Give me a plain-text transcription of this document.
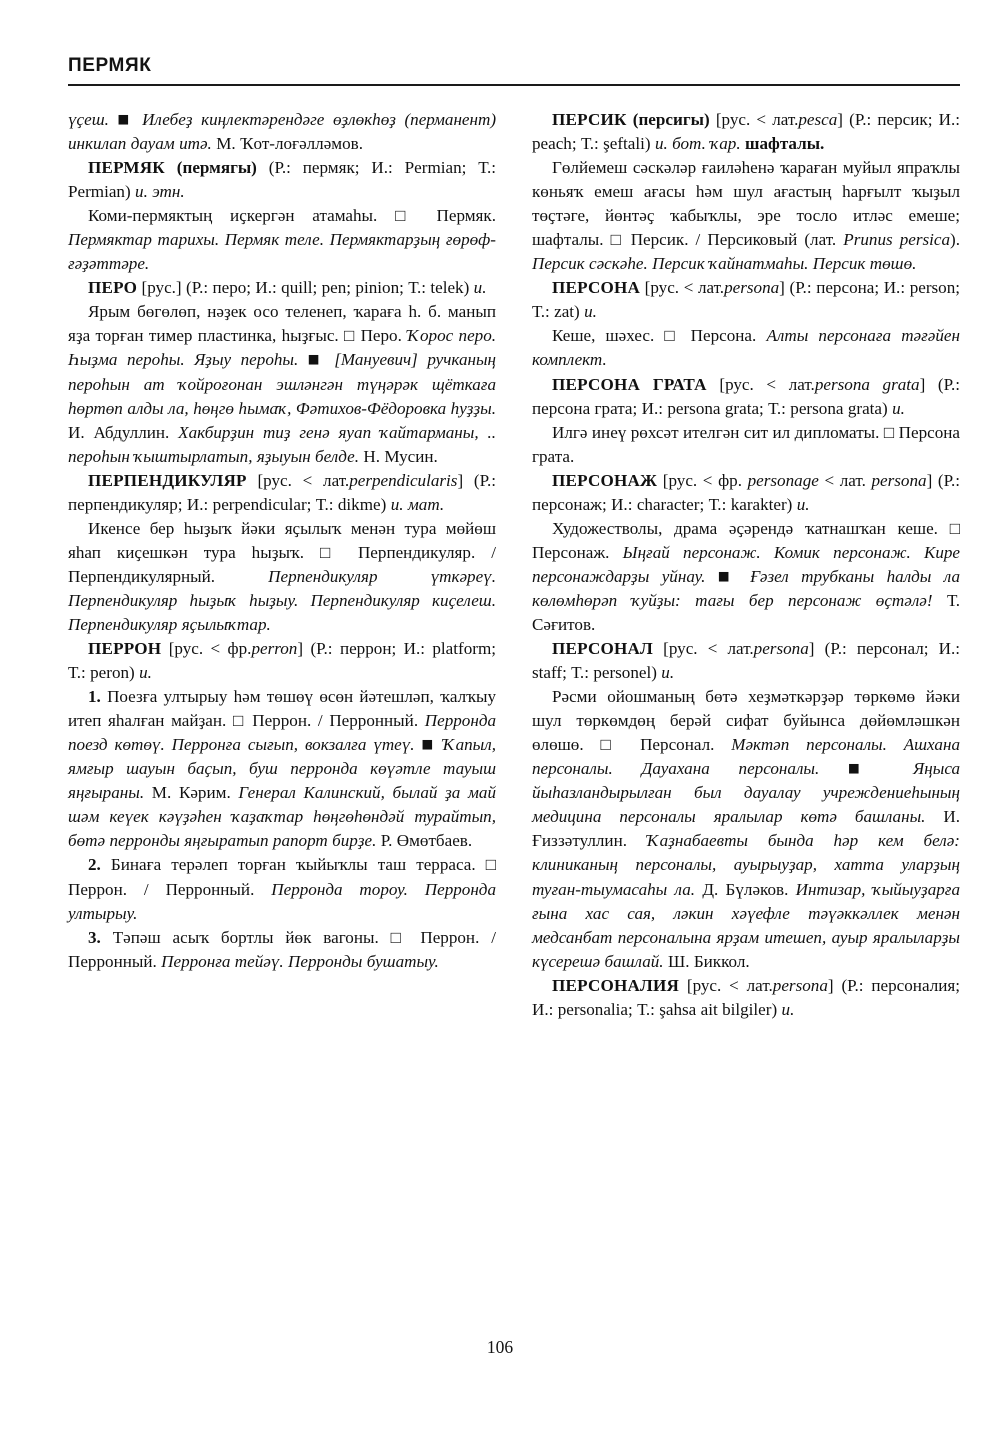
ПЕРМЯК

үҫеш. ■ Илебеҙ киңлектәрендәге өҙлөкһөҙ (перманент) инкилап дауам итә. М. Ҡот-лоғәлләмов.

ПЕРМЯК (пермягы) (Р.: пермяк; И.: Permian; Т.: Permian) и. этн.

Коми-пермяктың иҫкергән атамаһы. □ Пермяк. Пермяктар тарихы. Пермяк теле. Пермяктарҙың ғөрөф-ғәҙәттәре.

ПЕРО [рус.] (Р.: перо; И.: quill; pen; pinion; Т.: telek) и.

Ярым бөгөлөп, нәҙек осо теленеп, ҡараға һ. б. манып яҙа торған тимер пластинка, һыҙғыс. □ Перо. Ҡорос перо. Һыҙма пероһы. Яҙыу пероһы. ■ [Мануевич] ручканың пероһын ат ҡойроғонан эшләнгән түңәрәк щёткаға һөртөп алды ла, һөңгө һымаҡ, Фәтихов-Фёдоровка һуҙҙы. И. Абдуллин. Хакбирҙин тиҙ генә яуап ҡайтарманы, .. пероһын ҡыштырлатып, яҙыуын белде. Н. Мусин.

ПЕРПЕНДИКУЛЯР [рус. < лат.perpendicularis] (Р.: перпендикуляр; И.: perpendicular; Т.: dikme) и. мат.

Икенсе бер һыҙыҡ йәки яҫылыҡ менән тура мөйөш яһап киҫешкән тура һыҙыҡ. □ Перпендикуляр. / Перпендикулярный.	Перпендикуляр үткәреү. Перпендикуляр һыҙыҡ һыҙыу. Перпендикуляр киҫелеш. Перпендикуляр яҫылыҡтар.

ПЕРРОН [рус. < фр.perron] (Р.: перрон; И.: platform; Т.: peron) и.

1. Поезға ултырыу һәм төшөү өсөн йәтешләп, ҡалҡыу итеп яһалған майҙан. □ Перрон. / Перронный. Перронда поезд көтөү. Перронға сығып, вокзалға үтеү. ■ Ҡапыл, ямғыр шауын баҫып, буш перронда көүәтле тауыш яңғыраны. М. Кәрим. Генерал Калинский, былай ҙа май шәм кеүек кәүҙәһен ҡаҙаҡтар һөңгөһөндәй турайтып, бөтә перронды яңғыратып рапорт бирҙе. Р. Өмөтбаев.

2. Бинаға терәлеп торған ҡыйыҡлы таш терраса. □ Перрон. / Перронный. Перронда тороу. Перронда ултырыу.

3. Тәпәш асыҡ бортлы йөк вагоны. □ Перрон. / Перронный. Перронға тейәү. Перронды бушатыу.

ПЕРСИК (персигы) [рус. < лат.pesca] (Р.: персик; И.: peach; Т.: şeftali) и. бот. ҡар. шафталы.

Гөлйемеш сәскәләр ғаиләһенә ҡараған муйыл япраҡлы көньяҡ емеш ағасы һәм шул ағастың һарғылт ҡыҙыл төҫтәге, йөнтәҫ ҡабыҡлы, эре тосло итләс емеше; шафталы. □ Персик. / Персиковый (лат. Prunus persica). Персик сәскәһе. Персик ҡайнатмаһы. Персик төшө.

ПЕРСОНА [рус. < лат.persona] (Р.: персона; И.: person; Т.: zat) и.

Кеше, шәхес. □ Персона. Алты персонаға тәғәйен комплект.

ПЕРСОНА ГРАТА [рус. < лат.persona grata] (Р.: персона грата; И.: persona grata; Т.: persona grata) и.

Илгә инеү рөхсәт ителгән сит ил дипломаты. □ Персона грата.

ПЕРСОНАЖ [рус. < фр. personage < лат. persona] (Р.: персонаж; И.: character; Т.: karakter) и.

Художестволы, драма әҫәрендә ҡатнашҡан кеше. □ Персонаж. Ыңғай персонаж. Комик персонаж. Кире персонаждарҙы уйнау. ■ Ғәзел трубканы һалды ла көлөмһөрәп ҡуйҙы: тағы бер персонаж өҫтәлә! Т. Сәғитов.

ПЕРСОНАЛ [рус. < лат.persona] (Р.: персонал; И.: staff; Т.: personel) и.

Рәсми ойошманың бөтә хеҙмәткәрҙәр төркөмө йәки шул төркөмдөң берәй сифат буйынса дөйөмләшкән өлөшө. □ Персонал. Мәктәп персоналы. Ашхана персоналы. Дауахана персоналы. ■ Яңыса йыһазландырылған был дауалау учреждениеһының медицина персоналы яралылар көтә башланы. И. Ғиззәтуллин. Ҡаҙнабаевты бында һәр кем белә: клиниканың персоналы, ауырыуҙар, хатта уларҙың туған-тыумасаһы ла. Д. Бүләков. Интизар, ҡыйыуҙарға ғына хас сая, ләкин хәүефле тәүәккәллек менән медсанбат персоналына ярҙам итешеп, ауыр яралыларҙы күсерешә башлай. Ш. Биккол.

ПЕРСОНАЛИЯ [рус. < лат.persona] (Р.: персоналия; И.: personalia; Т.: şahsa ait bilgiler) и.

106
